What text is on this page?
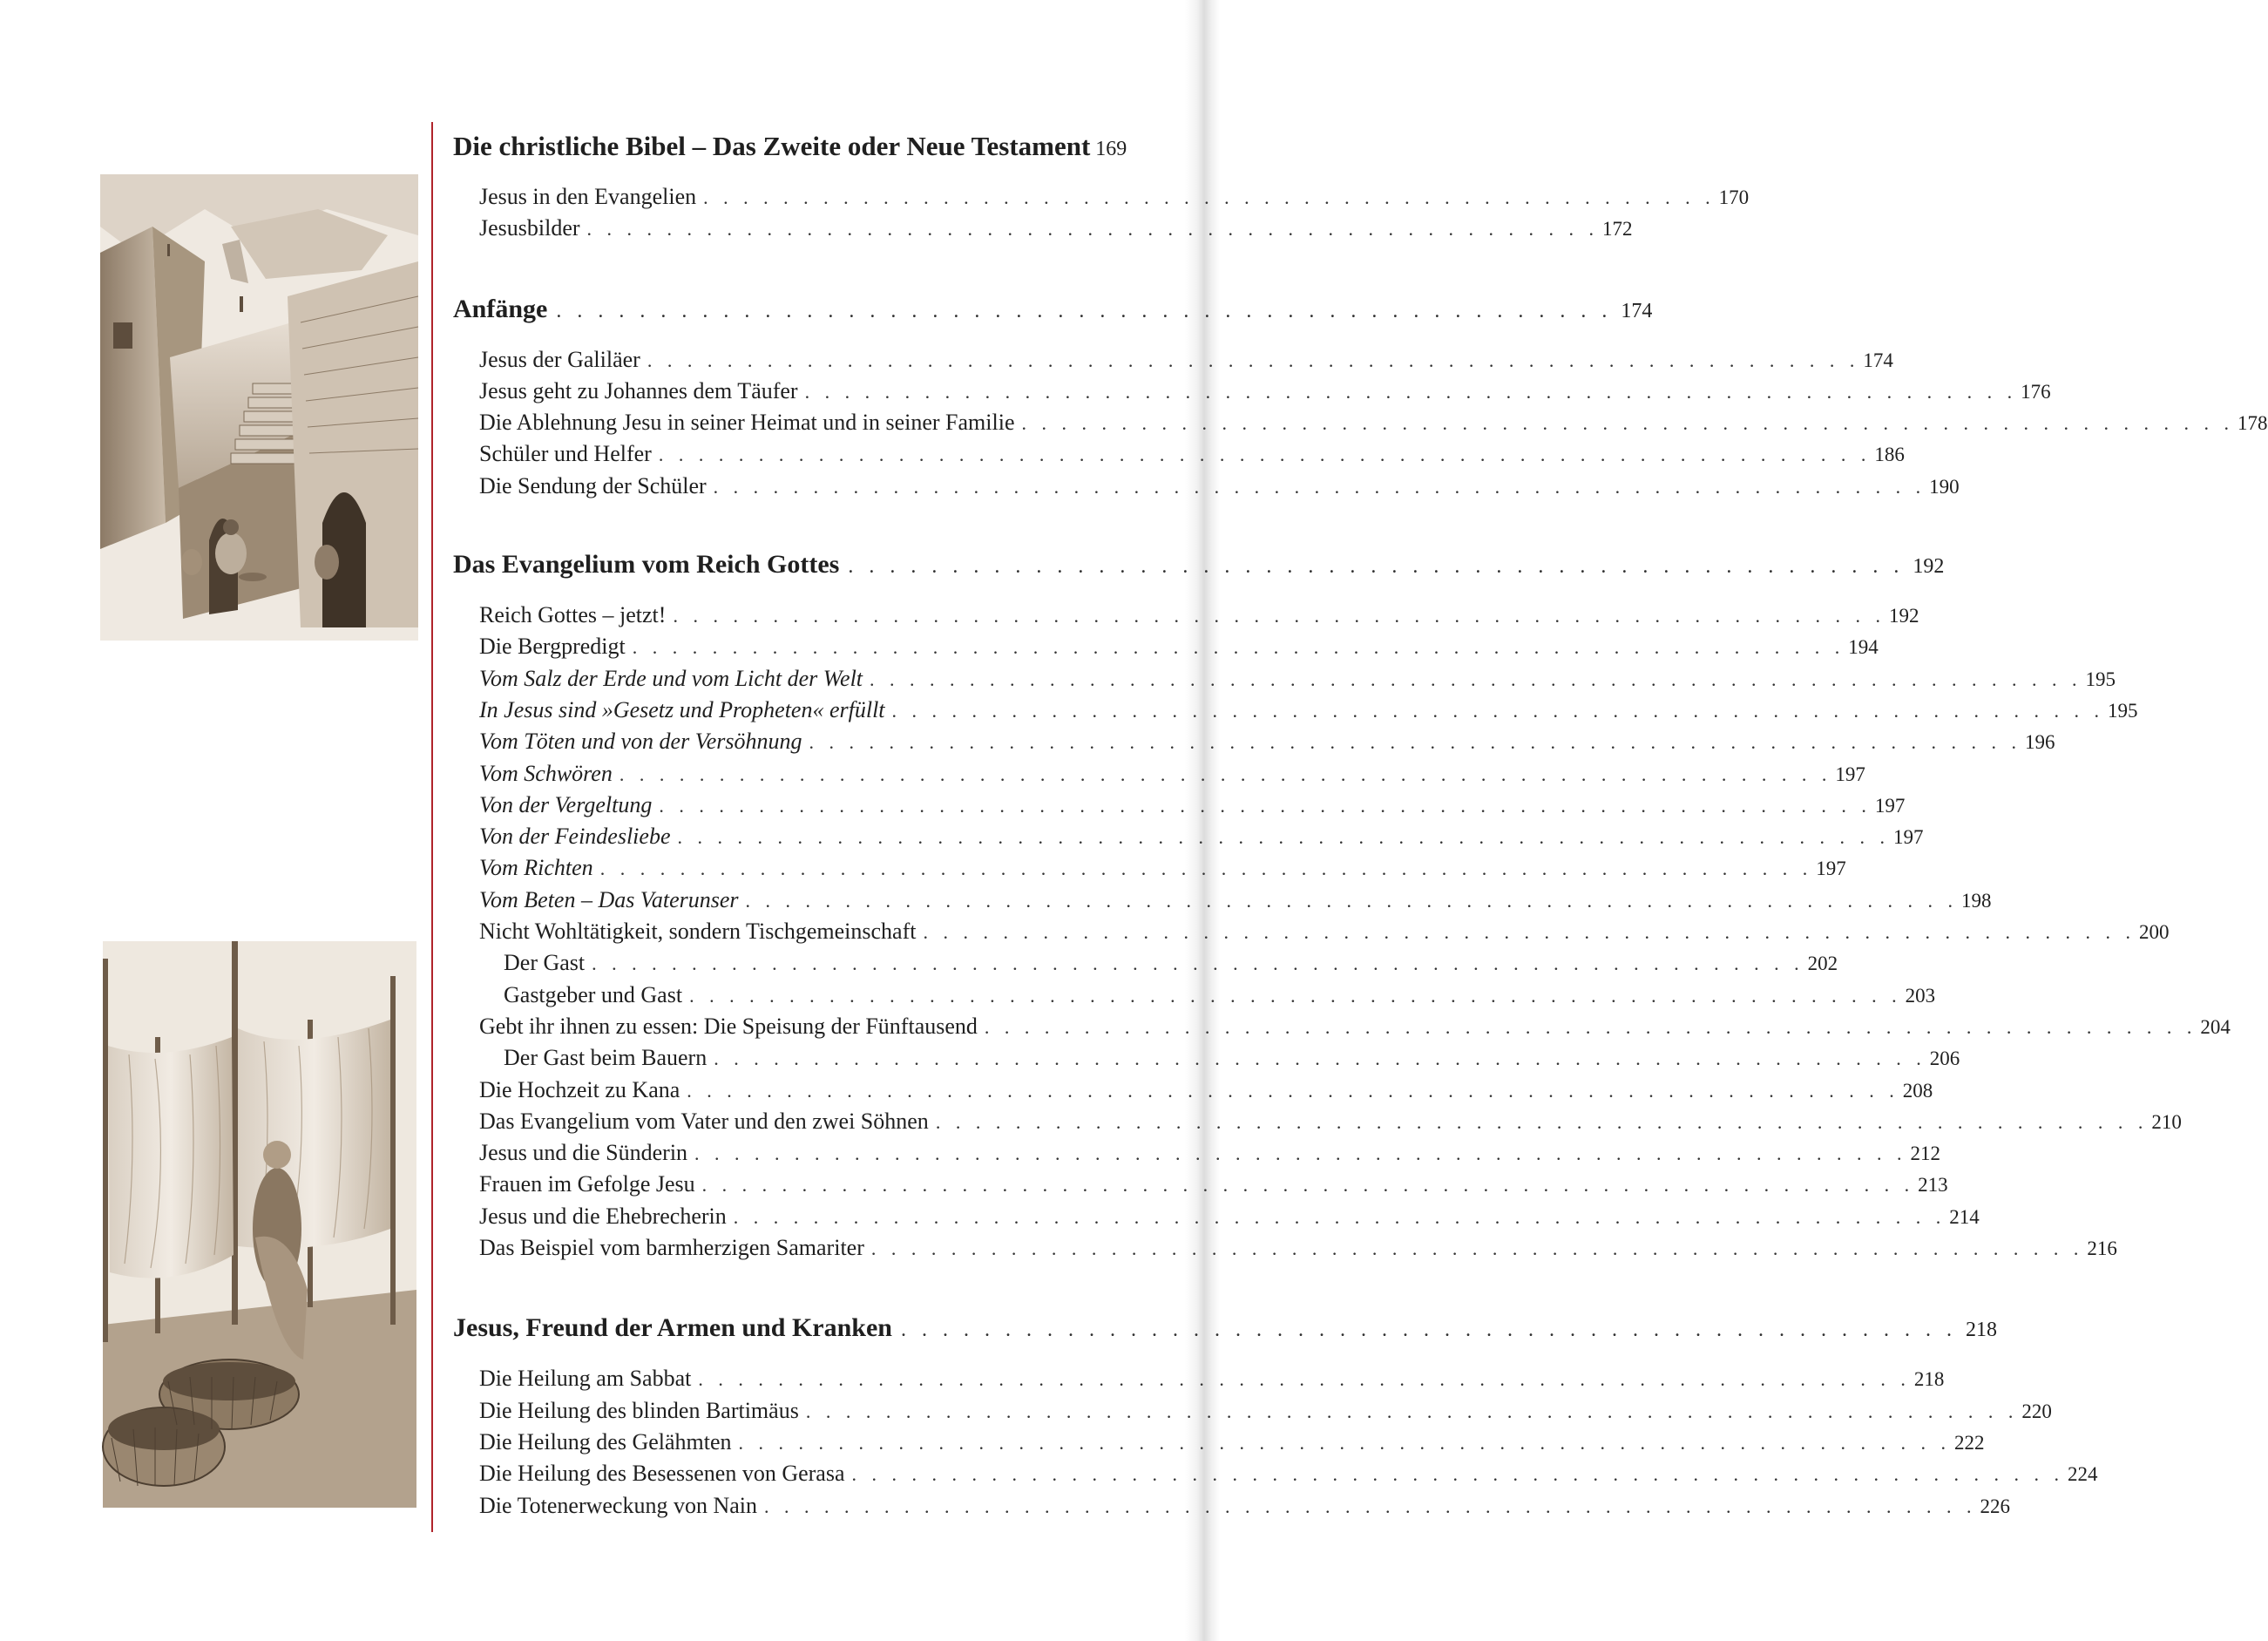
Die christliche Bibel – Das Zweite oder Neue Testament 169
Jesus in den Evangelien . . . . . . . . . . . . . . . . . . . . . . . . . . . . . . . . . . . . . . . . . . . . . . . . . . . 170
Jesusbilder . . . . . . . . . . . . . . . . . . . . . . . . . . . . . . . . . . . . . . . . . . . . . . . . . . . 172
Anfänge . . . . . . . . . . . . . . . . . . . . . . . . . . . . . . . . . . . . . . . . . . . . . . . . . . . 174
Jesus der Galiläer . . . . . . . . . . . . . . . . . . . . . . . . . . . . . . . . . . . . . . . . . . . . . . . . . . . . . . . . . . . . . 174
Jesus geht zu Johannes dem Täufer . . . . . . . . . . . . . . . . . . . . . . . . . . . . . . . . . . . . . . . . . . . . . . . . . . . . . . . . . . . . . 176
Die Ablehnung Jesu in seiner Heimat und in seiner Familie . . . . . . . . . . . . . . . . . . . . . . . . . . . . . . . . . . . . . . . . . . . . . . . . . . . . . . . . . . . . . 178
Schüler und Helfer . . . . . . . . . . . . . . . . . . . . . . . . . . . . . . . . . . . . . . . . . . . . . . . . . . . . . . . . . . . . . 186
Die Sendung der Schüler . . . . . . . . . . . . . . . . . . . . . . . . . . . . . . . . . . . . . . . . . . . . . . . . . . . . . . . . . . . . . 190
Das Evangelium vom Reich Gottes . . . . . . . . . . . . . . . . . . . . . . . . . . . . . . . . . . . . . . . . . . . . . . . . . . . 192
Reich Gottes – jetzt! . . . . . . . . . . . . . . . . . . . . . . . . . . . . . . . . . . . . . . . . . . . . . . . . . . . . . . . . . . . . . 192
Die Bergpredigt . . . . . . . . . . . . . . . . . . . . . . . . . . . . . . . . . . . . . . . . . . . . . . . . . . . . . . . . . . . . . 194
Vom Salz der Erde und vom Licht der Welt . . . . . . . . . . . . . . . . . . . . . . . . . . . . . . . . . . . . . . . . . . . . . . . . . . . . . . . . . . . . . 195
In Jesus sind »Gesetz und Propheten« erfüllt . . . . . . . . . . . . . . . . . . . . . . . . . . . . . . . . . . . . . . . . . . . . . . . . . . . . . . . . . . . . . 195
Vom Töten und von der Versöhnung . . . . . . . . . . . . . . . . . . . . . . . . . . . . . . . . . . . . . . . . . . . . . . . . . . . . . . . . . . . . . 196
Vom Schwören . . . . . . . . . . . . . . . . . . . . . . . . . . . . . . . . . . . . . . . . . . . . . . . . . . . . . . . . . . . . . 197
Von der Vergeltung . . . . . . . . . . . . . . . . . . . . . . . . . . . . . . . . . . . . . . . . . . . . . . . . . . . . . . . . . . . . . 197
Von der Feindesliebe . . . . . . . . . . . . . . . . . . . . . . . . . . . . . . . . . . . . . . . . . . . . . . . . . . . . . . . . . . . . . 197
Vom Richten . . . . . . . . . . . . . . . . . . . . . . . . . . . . . . . . . . . . . . . . . . . . . . . . . . . . . . . . . . . . . 197
Vom Beten – Das Vaterunser . . . . . . . . . . . . . . . . . . . . . . . . . . . . . . . . . . . . . . . . . . . . . . . . . . . . . . . . . . . . . 198
Nicht Wohltätigkeit, sondern Tischgemeinschaft . . . . . . . . . . . . . . . . . . . . . . . . . . . . . . . . . . . . . . . . . . . . . . . . . . . . . . . . . . . . . 200
Der Gast . . . . . . . . . . . . . . . . . . . . . . . . . . . . . . . . . . . . . . . . . . . . . . . . . . . . . . . . . . . . . 202
Gastgeber und Gast . . . . . . . . . . . . . . . . . . . . . . . . . . . . . . . . . . . . . . . . . . . . . . . . . . . . . . . . . . . . . 203
Gebt ihr ihnen zu essen: Die Speisung der Fünftausend . . . . . . . . . . . . . . . . . . . . . . . . . . . . . . . . . . . . . . . . . . . . . . . . . . . . . . . . . . . . . 204
Der Gast beim Bauern . . . . . . . . . . . . . . . . . . . . . . . . . . . . . . . . . . . . . . . . . . . . . . . . . . . . . . . . . . . . . 206
Die Hochzeit zu Kana . . . . . . . . . . . . . . . . . . . . . . . . . . . . . . . . . . . . . . . . . . . . . . . . . . . . . . . . . . . . . 208
Das Evangelium vom Vater und den zwei Söhnen . . . . . . . . . . . . . . . . . . . . . . . . . . . . . . . . . . . . . . . . . . . . . . . . . . . . . . . . . . . . . 210
Jesus und die Sünderin . . . . . . . . . . . . . . . . . . . . . . . . . . . . . . . . . . . . . . . . . . . . . . . . . . . . . . . . . . . . . 212
Frauen im Gefolge Jesu . . . . . . . . . . . . . . . . . . . . . . . . . . . . . . . . . . . . . . . . . . . . . . . . . . . . . . . . . . . . . 213
Jesus und die Ehebrecherin . . . . . . . . . . . . . . . . . . . . . . . . . . . . . . . . . . . . . . . . . . . . . . . . . . . . . . . . . . . . . 214
Das Beispiel vom barmherzigen Samariter . . . . . . . . . . . . . . . . . . . . . . . . . . . . . . . . . . . . . . . . . . . . . . . . . . . . . . . . . . . . . 216
Jesus, Freund der Armen und Kranken . . . . . . . . . . . . . . . . . . . . . . . . . . . . . . . . . . . . . . . . . . . . . . . . . . . 218
Die Heilung am Sabbat . . . . . . . . . . . . . . . . . . . . . . . . . . . . . . . . . . . . . . . . . . . . . . . . . . . . . . . . . . . . . 218
Die Heilung des blinden Bartimäus . . . . . . . . . . . . . . . . . . . . . . . . . . . . . . . . . . . . . . . . . . . . . . . . . . . . . . . . . . . . . 220
Die Heilung des Gelähmten . . . . . . . . . . . . . . . . . . . . . . . . . . . . . . . . . . . . . . . . . . . . . . . . . . . . . . . . . . . . . 222
Die Heilung des Besessenen von Gerasa . . . . . . . . . . . . . . . . . . . . . . . . . . . . . . . . . . . . . . . . . . . . . . . . . . . . . . . . . . . . . 224
Die Totenerweckung von Nain . . . . . . . . . . . . . . . . . . . . . . . . . . . . . . . . . . . . . . . . . . . . . . . . . . . . . . . . . . . . . 226
